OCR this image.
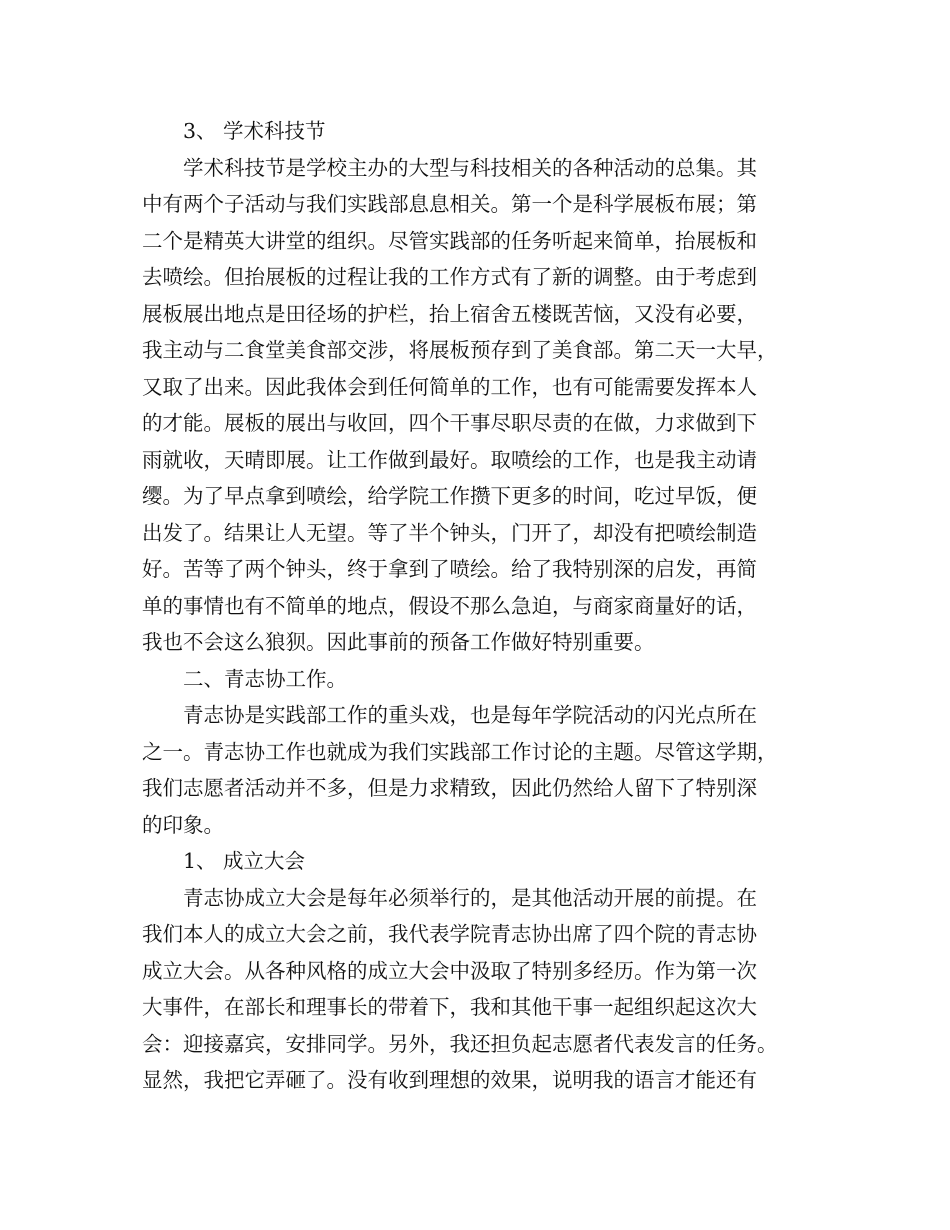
3、 学术科技节
学术科技节是学校主办的大型与科技相关的各种活动的总集。其
中有两个子活动与我们实践部息息相关。第一个是科学展板布展；第
二个是精英大讲堂的组织。尽管实践部的任务听起来简单，抬展板和
去喷绘。但抬展板的过程让我的工作方式有了新的调整。由于考虑到
展板展出地点是田径场的护栏，抬上宿舍五楼既苦恼，又没有必要，
我主动与二食堂美食部交涉，将展板预存到了美食部。第二天一大早，
又取了出来。因此我体会到任何简单的工作，也有可能需要发挥本人
的才能。展板的展出与收回，四个干事尽职尽责的在做，力求做到下
雨就收，天晴即展。让工作做到最好。取喷绘的工作，也是我主动请
缨。为了早点拿到喷绘，给学院工作攒下更多的时间，吃过早饭，便
出发了。结果让人无望。等了半个钟头，门开了，却没有把喷绘制造
好。苦等了两个钟头，终于拿到了喷绘。给了我特别深的启发，再简
单的事情也有不简单的地点，假设不那么急迫，与商家商量好的话，
我也不会这么狼狈。因此事前的预备工作做好特别重要。
二、青志协工作。
青志协是实践部工作的重头戏，也是每年学院活动的闪光点所在
之一。青志协工作也就成为我们实践部工作讨论的主题。尽管这学期，
我们志愿者活动并不多，但是力求精致，因此仍然给人留下了特别深
的印象。
1、 成立大会
青志协成立大会是每年必须举行的，是其他活动开展的前提。在
我们本人的成立大会之前，我代表学院青志协出席了四个院的青志协
成立大会。从各种风格的成立大会中汲取了特别多经历。作为第一次
大事件，在部长和理事长的带着下，我和其他干事一起组织起这次大
会：迎接嘉宾，安排同学。另外，我还担负起志愿者代表发言的任务。
显然，我把它弄砸了。没有收到理想的效果，说明我的语言才能还有
